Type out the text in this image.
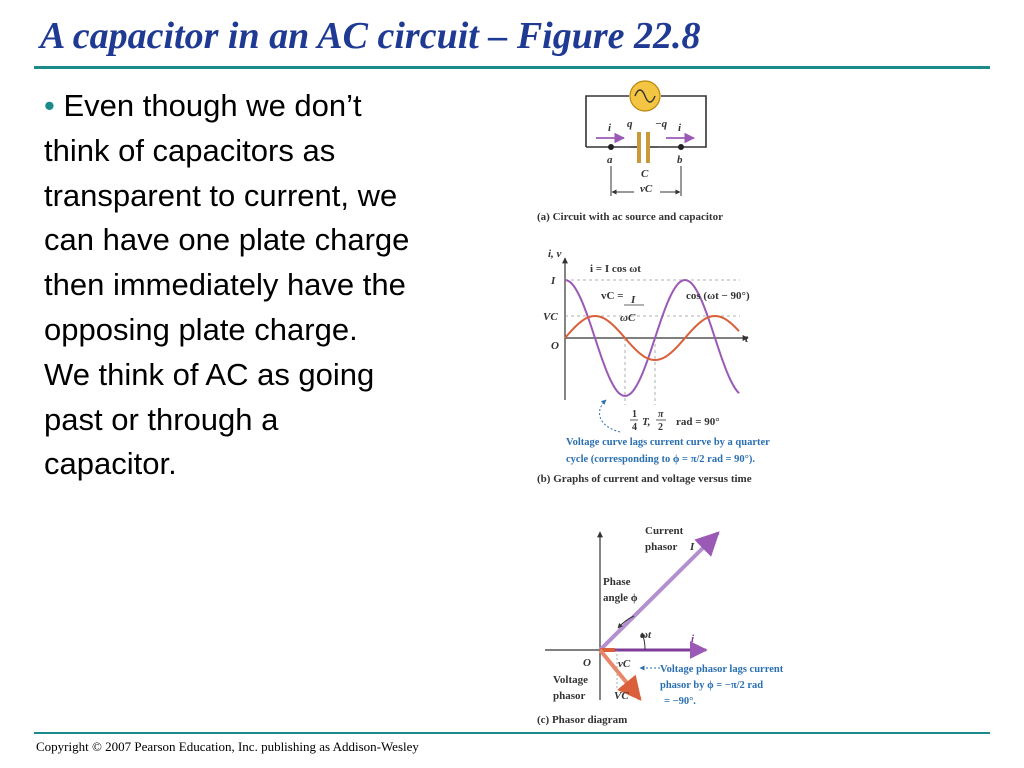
A capacitor in an AC circuit – Figure 22.8

• Even though we don’t
think of capacitors as
transparent to current, we
can have one plate charge
then immediately have the
opposing plate charge.
We think of AC as going
past or through a
capacitor.

i	i
q −q
a	b
C
vC
(a) Circuit with ac source and capacitor
i, v
t
I
VC
O
i = I cos ωt
vC = I
ωC
cos (ωt − 90°)
1
4 T,
π
2 rad = 90°
Voltage curve lags current curve by a quarter
cycle (corresponding to ϕ = π/2 rad = 90°).
(b) Graphs of current and voltage versus time
Current
phasor I
Phase
angle ϕ
ωt	i
O vC
Voltage
phasor	VC
Voltage phasor lags current
phasor by ϕ = −π/2 rad
= −90°.
(c) Phasor diagram
Copyright © 2007 Pearson Education, Inc. publishing as Addison-Wesley
